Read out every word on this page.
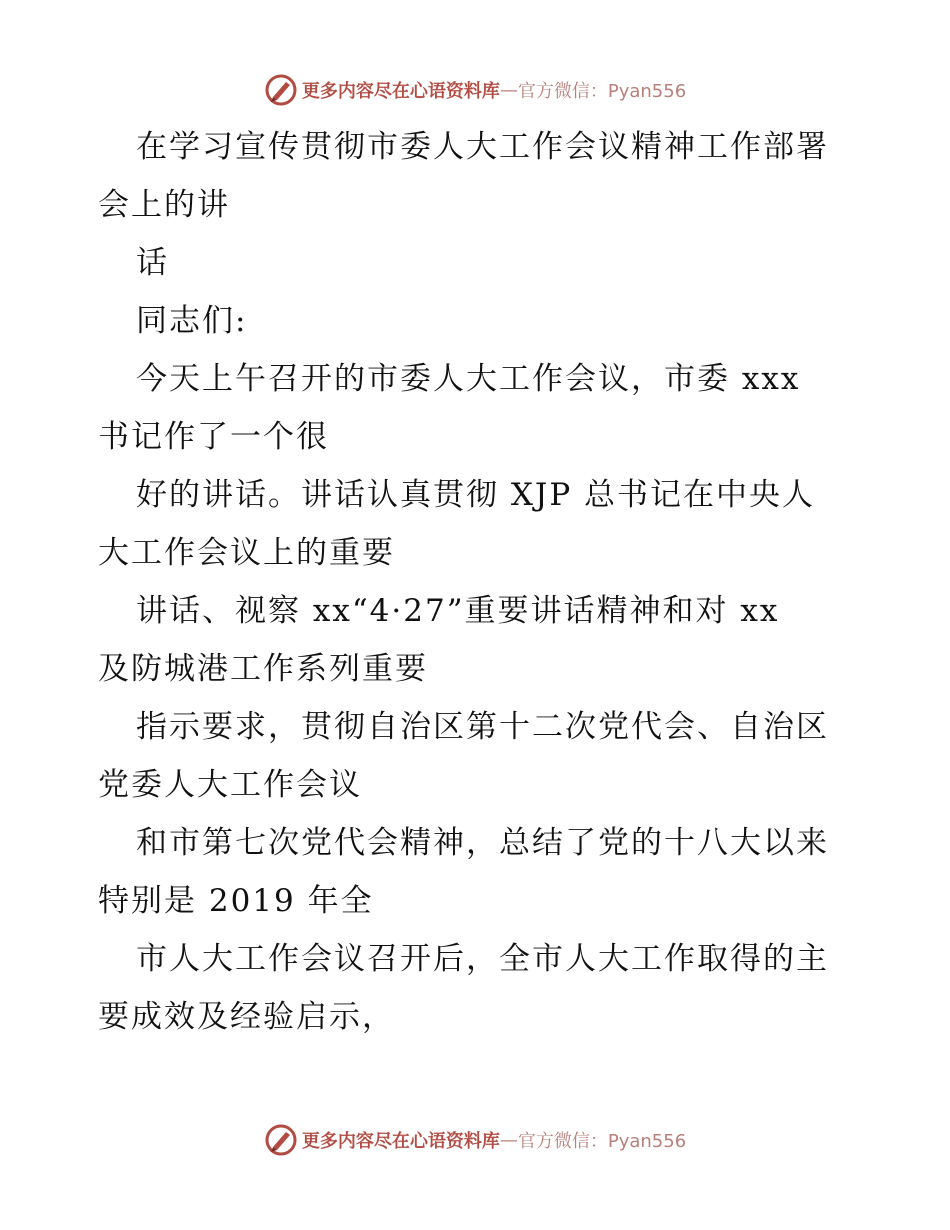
更多内容尽在心语资料库 — 官方微信：Pyan556
在学习宣传贯彻市委人大工作会议精神工作部署
会上的讲
话
同志们:
今天上午召开的市委人大工作会议，市委 xxx
书记作了一个很
好的讲话。讲话认真贯彻 XJP 总书记在中央人
大工作会议上的重要
讲话、视察 xx“4·27”重要讲话精神和对 xx
及防城港工作系列重要
指示要求，贯彻自治区第十二次党代会、自治区
党委人大工作会议
和市第七次党代会精神，总结了党的十八大以来
特别是 2019 年全
市人大工作会议召开后，全市人大工作取得的主
要成效及经验启示，
更多内容尽在心语资料库 — 官方微信：Pyan556
